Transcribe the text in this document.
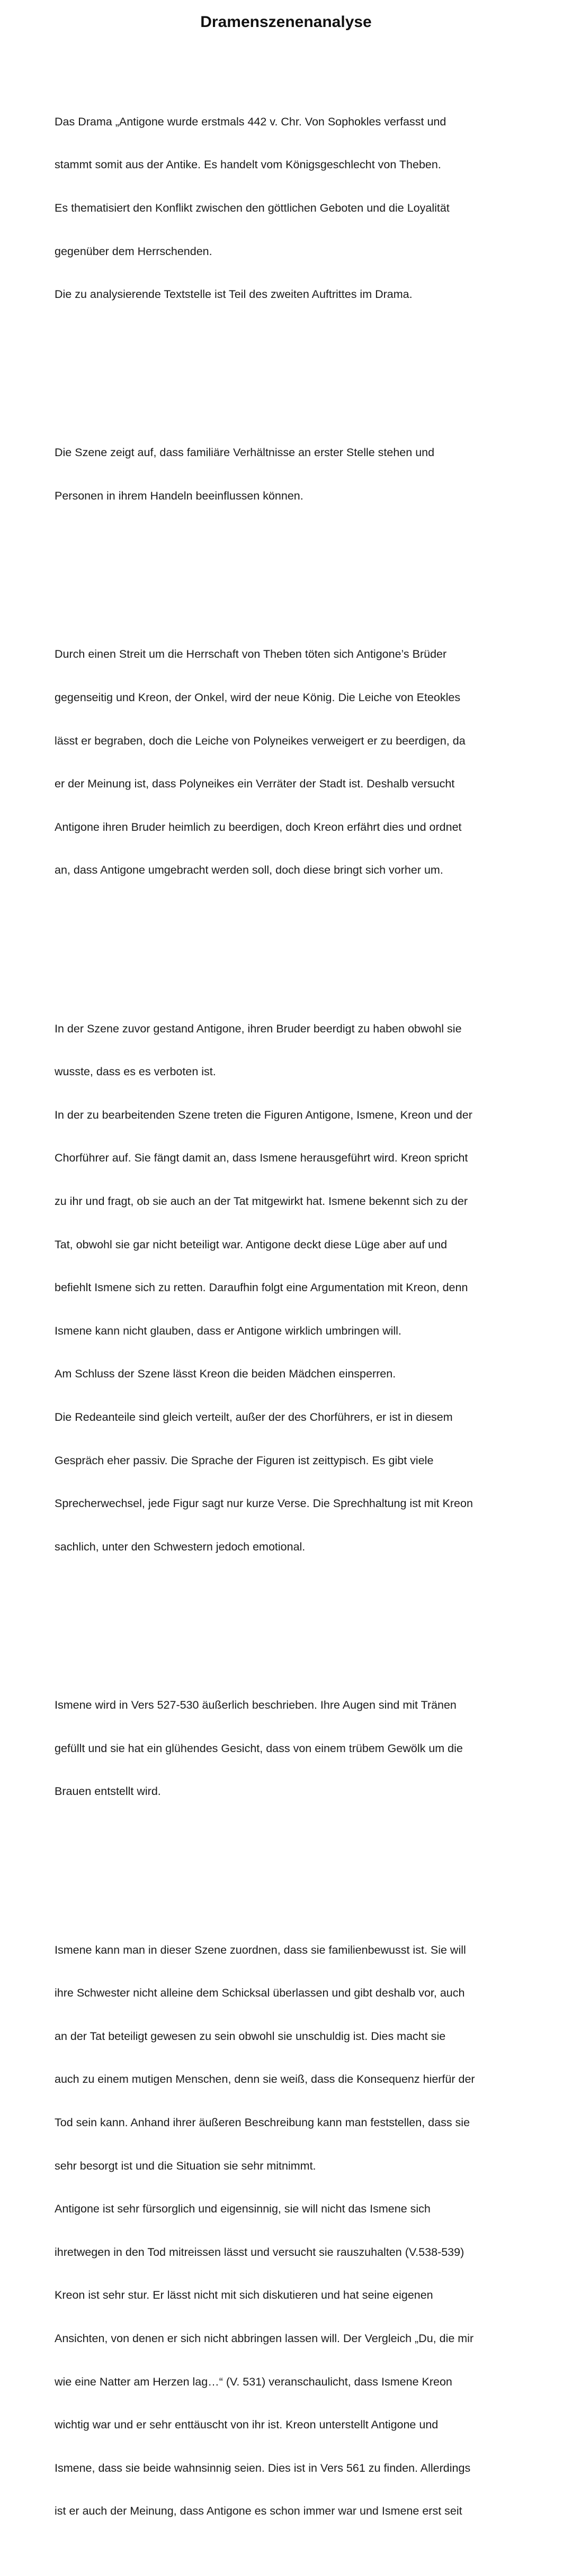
Dramenszenenanalyse

Das Drama „Antigone wurde erstmals 442 v. Chr. Von Sophokles verfasst und

stammt somit aus der Antike. Es handelt vom Königsgeschlecht von Theben.

Es thematisiert den Konflikt zwischen den göttlichen Geboten und die Loyalität

gegenüber dem Herrschenden.

Die zu analysierende Textstelle ist Teil des zweiten Auftrittes im Drama.

Die Szene zeigt auf, dass familiäre Verhältnisse an erster Stelle stehen und

Personen in ihrem Handeln beeinflussen können.

Durch einen Streit um die Herrschaft von Theben töten sich Antigone’s Brüder

gegenseitig und Kreon, der Onkel, wird der neue König. Die Leiche von Eteokles

lässt er begraben, doch die Leiche von Polyneikes verweigert er zu beerdigen, da

er der Meinung ist, dass Polyneikes ein Verräter der Stadt ist. Deshalb versucht

Antigone ihren Bruder heimlich zu beerdigen, doch Kreon erfährt dies und ordnet

an, dass Antigone umgebracht werden soll, doch diese bringt sich vorher um.

In der Szene zuvor gestand Antigone, ihren Bruder beerdigt zu haben obwohl sie

wusste, dass es es verboten ist.

In der zu bearbeitenden Szene treten die Figuren Antigone, Ismene, Kreon und der

Chorführer auf. Sie fängt damit an, dass Ismene herausgeführt wird. Kreon spricht

zu ihr und fragt, ob sie auch an der Tat mitgewirkt hat. Ismene bekennt sich zu der

Tat, obwohl sie gar nicht beteiligt war. Antigone deckt diese Lüge aber auf und

befiehlt Ismene sich zu retten. Daraufhin folgt eine Argumentation mit Kreon, denn

Ismene kann nicht glauben, dass er Antigone wirklich umbringen will.

Am Schluss der Szene lässt Kreon die beiden Mädchen einsperren.

Die Redeanteile sind gleich verteilt, außer der des Chorführers, er ist in diesem

Gespräch eher passiv. Die Sprache der Figuren ist zeittypisch. Es gibt viele

Sprecherwechsel, jede Figur sagt nur kurze Verse. Die Sprechhaltung ist mit Kreon

sachlich, unter den Schwestern jedoch emotional.

Ismene wird in Vers 527-530 äußerlich beschrieben. Ihre Augen sind mit Tränen

gefüllt und sie hat ein glühendes Gesicht, dass von einem trübem Gewölk um die

Brauen entstellt wird.

Ismene kann man in dieser Szene zuordnen, dass sie familienbewusst ist. Sie will

ihre Schwester nicht alleine dem Schicksal überlassen und gibt deshalb vor, auch

an der Tat beteiligt gewesen zu sein obwohl sie unschuldig ist. Dies macht sie

auch zu einem mutigen Menschen, denn sie weiß, dass die Konsequenz hierfür der

Tod sein kann. Anhand ihrer äußeren Beschreibung kann man feststellen, dass sie

sehr besorgt ist und die Situation sie sehr mitnimmt.

Antigone ist sehr fürsorglich und eigensinnig, sie will nicht das Ismene sich

ihretwegen in den Tod mitreissen lässt und versucht sie rauszuhalten (V.538-539)

Kreon ist sehr stur. Er lässt nicht mit sich diskutieren und hat seine eigenen

Ansichten, von denen er sich nicht abbringen lassen will. Der Vergleich „Du, die mir

wie eine Natter am Herzen lag…“ (V. 531) veranschaulicht, dass Ismene Kreon

wichtig war und er sehr enttäuscht von ihr ist. Kreon unterstellt Antigone und

Ismene, dass sie beide wahnsinnig seien. Dies ist in Vers 561 zu finden. Allerdings

ist er auch der Meinung, dass Antigone es schon immer war und Ismene erst seit
